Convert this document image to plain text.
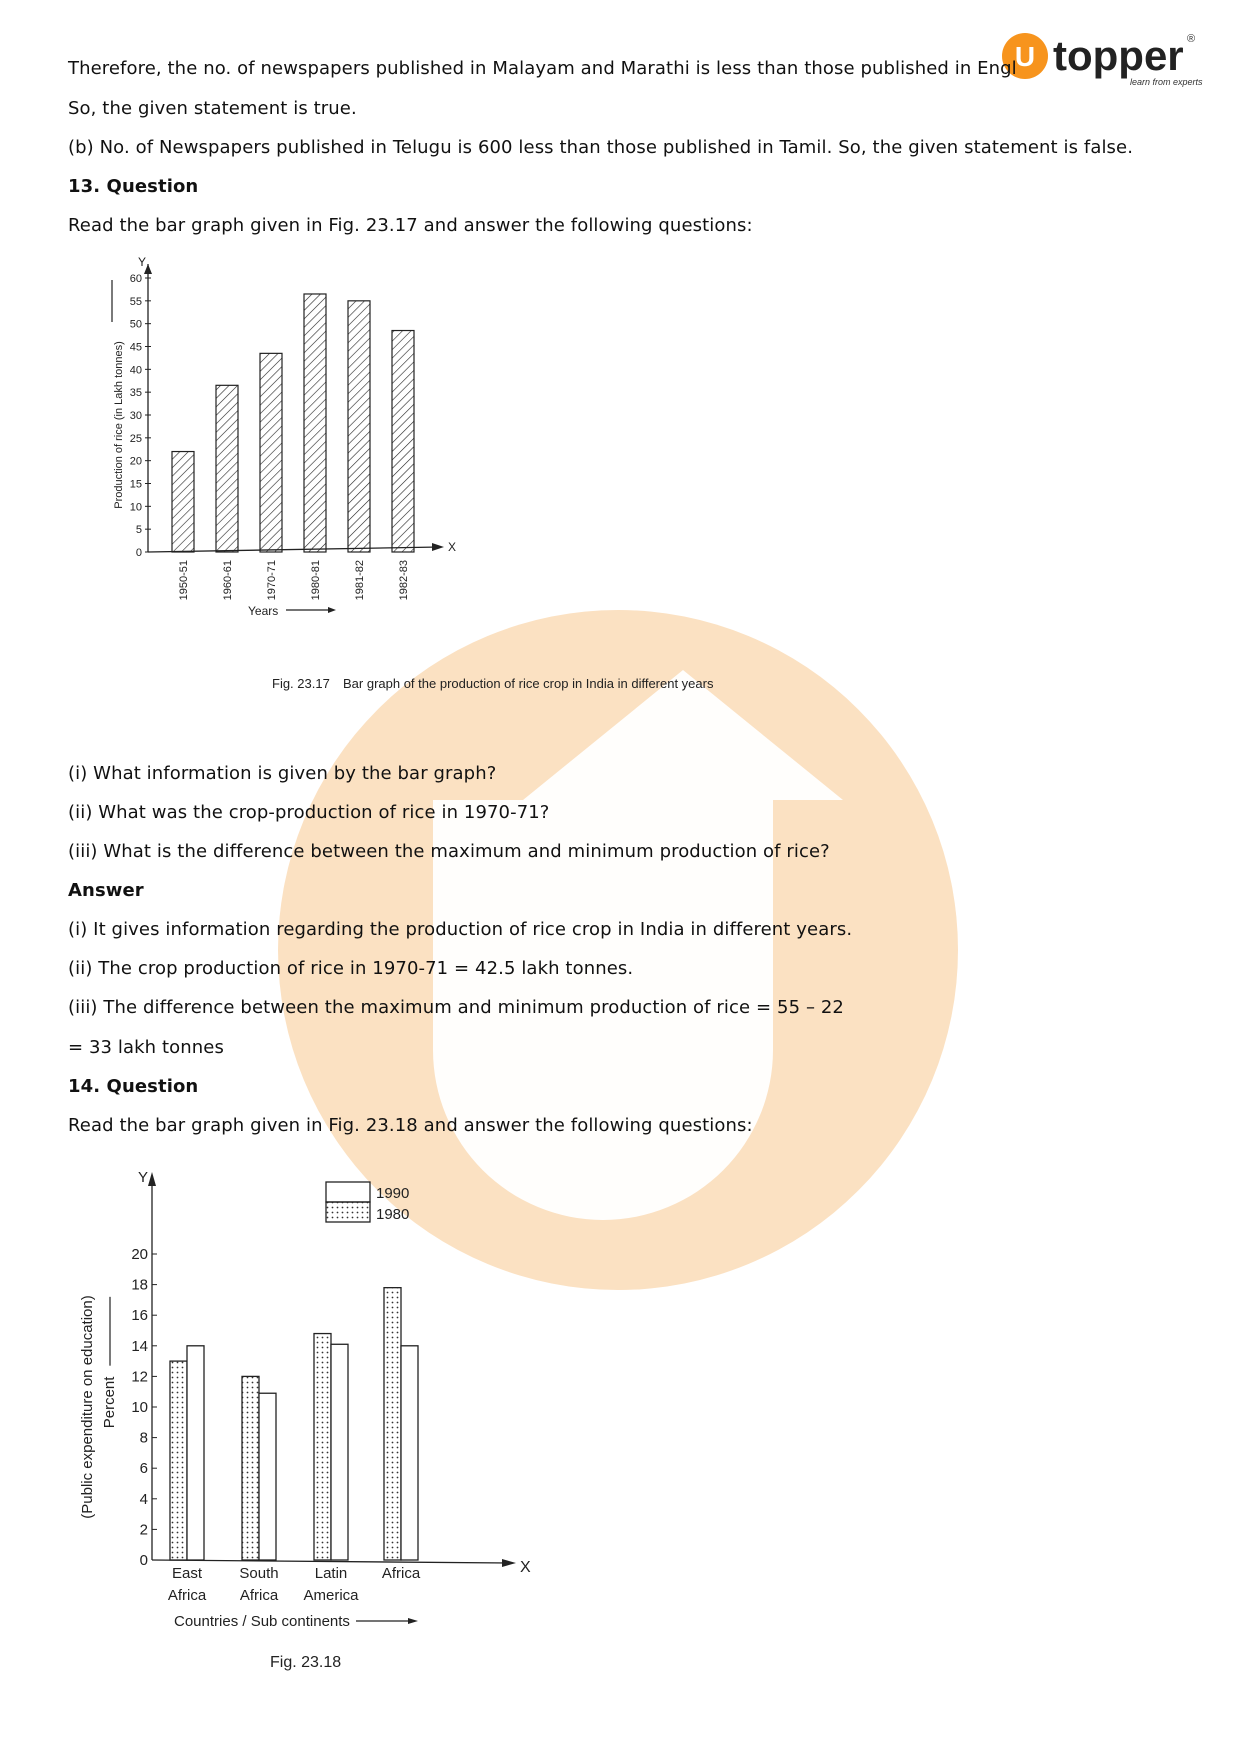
U topper
learn from experts
®
Therefore, the no. of newspapers published in Malayam and Marathi is less than those published in Engl
So, the given statement is true.
(b) No. of Newspapers published in Telugu is 600 less than those published in Tamil. So, the given statement is false.
13. Question
Read the bar graph given in Fig. 23.17 and answer the following questions:
Y
X
0
5
10
15
20
25
30
35
40
45
50
55
60
Production of rice (in Lakh tonnes)
1950-51	1960-61	1970-71	1980-81	1981-82	1982-83
Years
Fig. 23.17 Bar graph of the production of rice crop in India in different years
(i) What information is given by the bar graph?
(ii) What was the crop-production of rice in 1970-71?
(iii) What is the difference between the maximum and minimum production of rice?
Answer
(i) It gives information regarding the production of rice crop in India in different years.
(ii) The crop production of rice in 1970-71 = 42.5 lakh tonnes.
(iii) The difference between the maximum and minimum production of rice = 55 – 22
= 33 lakh tonnes
14. Question
Read the bar graph given in Fig. 23.18 and answer the following questions:
Y
X
0
2
4
6
8
10
12
14
16
18
20
(Public expenditure on education) Percent
East
Africa
South
Africa
Latin
America
Africa
Countries / Sub continents
1990
1980
Fig. 23.18
